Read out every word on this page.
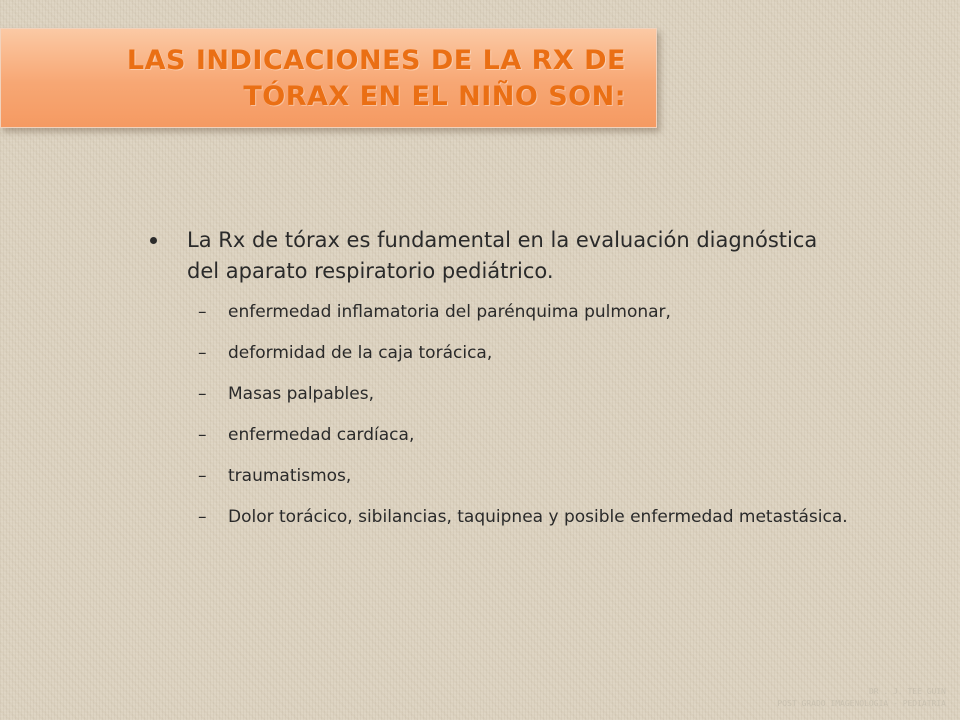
LAS INDICACIONES DE LA RX DE TÓRAX EN EL NIÑO SON:
La Rx de tórax es fundamental en la evaluación diagnóstica del aparato respiratorio pediátrico.
– enfermedad inflamatoria del parénquima pulmonar,
– deformidad de la caja torácica,
– Masas palpables,
– enfermedad cardíaca,
– traumatismos,
– Dolor torácico, sibilancias, taquipnea y posible enfermedad metastásica.
DR . J. TEE GUIN
POST GRADO IMAGENOLOGIA - PEDIATRIA
